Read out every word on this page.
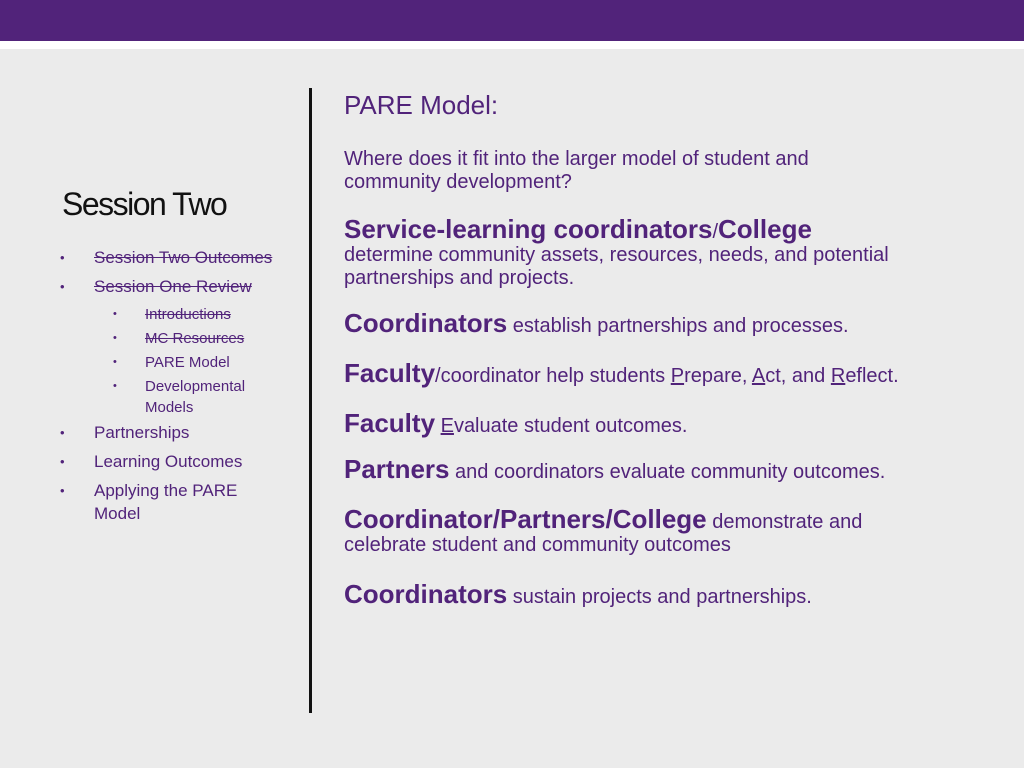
Session Two
• Session Two Outcomes
• Session One Review
• Introductions
• MC Resources
• PARE Model
• Developmental Models
• Partnerships
• Learning Outcomes
• Applying the PARE Model
PARE Model:
Where does it fit into the larger model of student and community development?
Service-learning coordinators/College
determine community assets, resources, needs, and potential partnerships and projects.
Coordinators establish partnerships and processes.
Faculty/coordinator help students Prepare, Act, and Reflect.
Faculty Evaluate student outcomes.
Partners and coordinators evaluate community outcomes.
Coordinator/Partners/College demonstrate and celebrate student and community outcomes
Coordinators sustain projects and partnerships.
